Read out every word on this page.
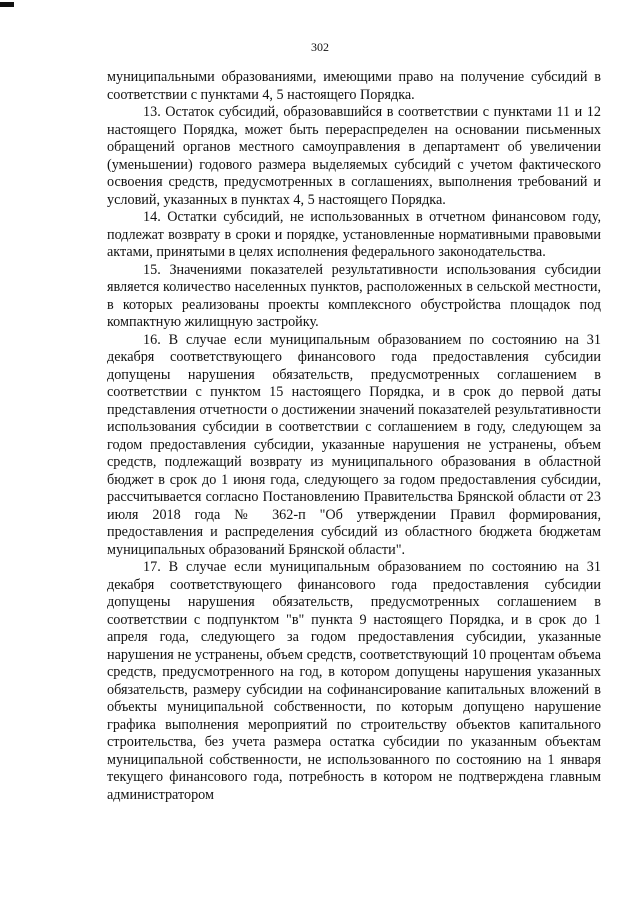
302

муниципальными образованиями, имеющими право на получение субсидий в соответствии с пунктами 4, 5 настоящего Порядка.

13. Остаток субсидий, образовавшийся в соответствии с пунктами 11 и 12 настоящего Порядка, может быть перераспределен на основании письменных обращений органов местного самоуправления в департамент об увеличении (уменьшении) годового размера выделяемых субсидий с учетом фактического освоения средств, предусмотренных в соглашениях, выполнения требований и условий, указанных в пунктах 4, 5 настоящего Порядка.

14. Остатки субсидий, не использованных в отчетном финансовом году, подлежат возврату в сроки и порядке, установленные нормативными правовыми актами, принятыми в целях исполнения федерального законодательства.

15. Значениями показателей результативности использования субсидии является количество населенных пунктов, расположенных в сельской местности, в которых реализованы проекты комплексного обустройства площадок под компактную жилищную застройку.

16. В случае если муниципальным образованием по состоянию на 31 декабря соответствующего финансового года предоставления субсидии допущены нарушения обязательств, предусмотренных соглашением в соответствии с пунктом 15 настоящего Порядка, и в срок до первой даты представления отчетности о достижении значений показателей результативности использования субсидии в соответствии с соглашением в году, следующем за годом предоставления субсидии, указанные нарушения не устранены, объем средств, подлежащий возврату из муниципального образования в областной бюджет в срок до 1 июня года, следующего за годом предоставления субсидии, рассчитывается согласно Постановлению Правительства Брянской области от 23 июля 2018 года № 362-п "Об утверждении Правил формирования, предоставления и распределения субсидий из областного бюджета бюджетам муниципальных образований Брянской области".

17. В случае если муниципальным образованием по состоянию на 31 декабря соответствующего финансового года предоставления субсидии допущены нарушения обязательств, предусмотренных соглашением в соответствии с подпунктом "в" пункта 9 настоящего Порядка, и в срок до 1 апреля года, следующего за годом предоставления субсидии, указанные нарушения не устранены, объем средств, соответствующий 10 процентам объема средств, предусмотренного на год, в котором допущены нарушения указанных обязательств, размеру субсидии на софинансирование капитальных вложений в объекты муниципальной собственности, по которым допущено нарушение графика выполнения мероприятий по строительству объектов капитального строительства, без учета размера остатка субсидии по указанным объектам муниципальной собственности, не использованного по состоянию на 1 января текущего финансового года, потребность в котором не подтверждена главным администратором
